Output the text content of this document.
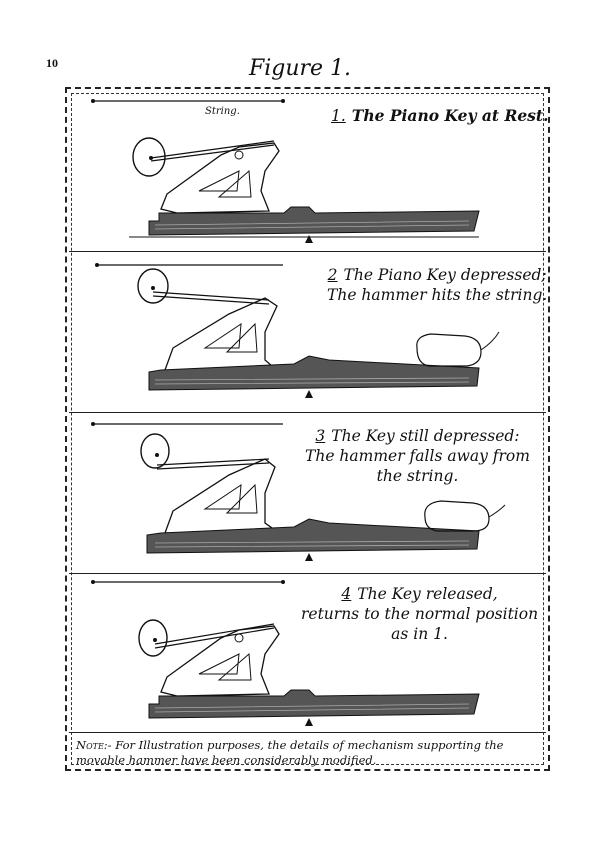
10	Figure 1.
String.	1. The Piano Key at Rest.
2 The Piano Key depressed;
The hammer hits the string.
3 The Key still depressed:
The hammer falls away from
the string.
4 The Key released,
returns to the normal position
as in 1.
Note:- For Illustration purposes, the details of mechanism supporting the movable hammer have been considerably modified.
